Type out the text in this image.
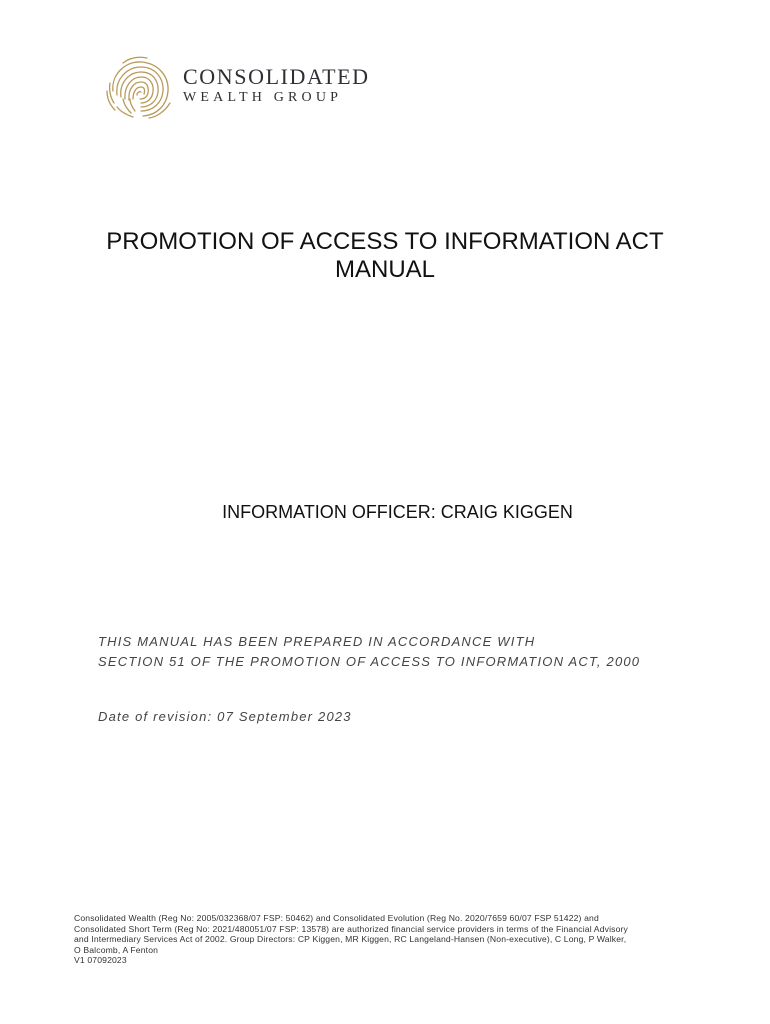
CONSOLIDATED
WEALTH GROUP
PROMOTION OF ACCESS TO INFORMATION ACT
MANUAL
INFORMATION OFFICER: CRAIG KIGGEN
THIS MANUAL HAS BEEN PREPARED IN ACCORDANCE WITH
SECTION 51 OF THE PROMOTION OF ACCESS TO INFORMATION ACT, 2000
Date of revision: 07 September 2023
Consolidated Wealth (Reg No: 2005/032368/07 FSP: 50462) and Consolidated Evolution (Reg No. 2020/7659 60/07 FSP 51422) and
Consolidated Short Term (Reg No: 2021/480051/07 FSP: 13578) are authorized financial service providers in terms of the Financial Advisory
and Intermediary Services Act of 2002. Group Directors: CP Kiggen, MR Kiggen, RC Langeland-Hansen (Non-executive), C Long, P Walker,
O Balcomb, A Fenton
V1 07092023
